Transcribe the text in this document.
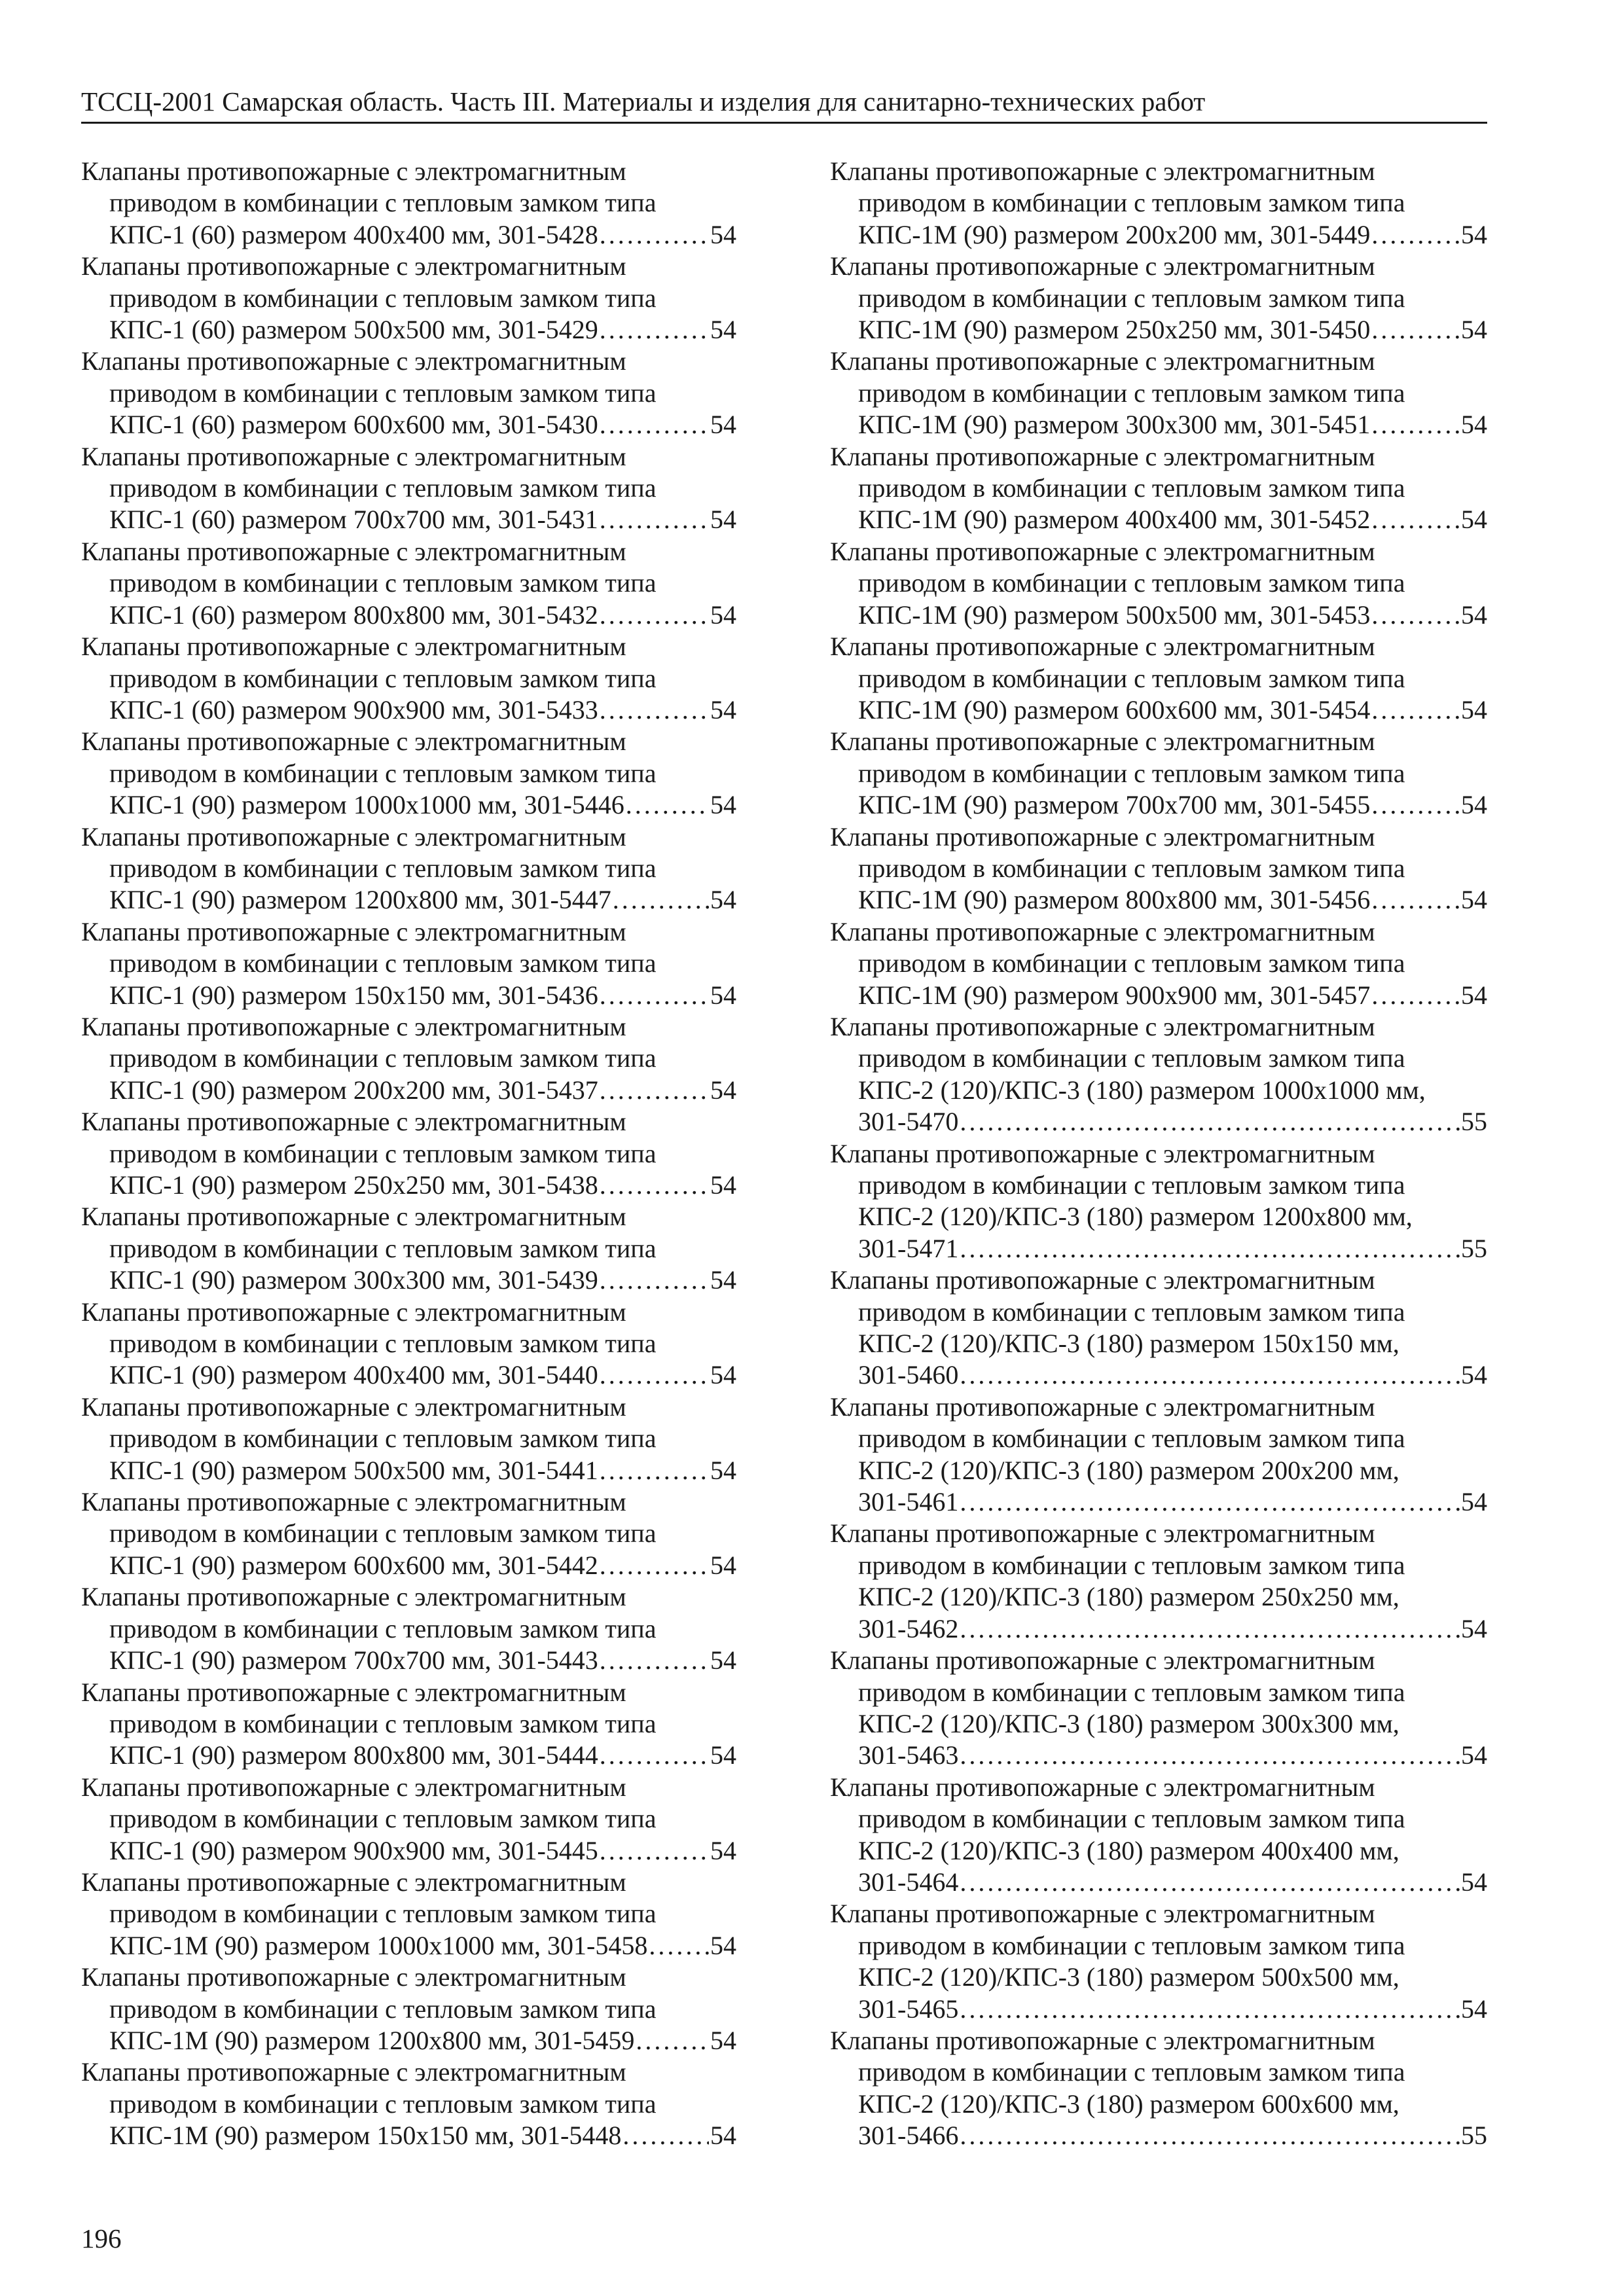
ТССЦ-2001 Самарская область. Часть III. Материалы и изделия для санитарно-технических работ
Клапаны противопожарные с электромагнитным
приводом в комбинации с тепловым замком типа
КПС-1 (60) размером 400х400 мм, 301-5428 . . .	54
Клапаны противопожарные с электромагнитным
приводом в комбинации с тепловым замком типа
КПС-1 (60) размером 500х500 мм, 301-5429 . . .	54
Клапаны противопожарные с электромагнитным
приводом в комбинации с тепловым замком типа
КПС-1 (60) размером 600х600 мм, 301-5430 . . .	54
Клапаны противопожарные с электромагнитным
приводом в комбинации с тепловым замком типа
КПС-1 (60) размером 700х700 мм, 301-5431 . . .	54
Клапаны противопожарные с электромагнитным
приводом в комбинации с тепловым замком типа
КПС-1 (60) размером 800х800 мм, 301-5432 . . .	54
Клапаны противопожарные с электромагнитным
приводом в комбинации с тепловым замком типа
КПС-1 (60) размером 900х900 мм, 301-5433 . . .	54
Клапаны противопожарные с электромагнитным
приводом в комбинации с тепловым замком типа
КПС-1 (90) размером 1000х1000 мм, 301-5446 . . .	54
Клапаны противопожарные с электромагнитным
приводом в комбинации с тепловым замком типа
КПС-1 (90) размером 1200х800 мм, 301-5447 . . .	54
Клапаны противопожарные с электромагнитным
приводом в комбинации с тепловым замком типа
КПС-1 (90) размером 150х150 мм, 301-5436 . . .	54
Клапаны противопожарные с электромагнитным
приводом в комбинации с тепловым замком типа
КПС-1 (90) размером 200х200 мм, 301-5437 . . .	54
Клапаны противопожарные с электромагнитным
приводом в комбинации с тепловым замком типа
КПС-1 (90) размером 250х250 мм, 301-5438 . . .	54
Клапаны противопожарные с электромагнитным
приводом в комбинации с тепловым замком типа
КПС-1 (90) размером 300х300 мм, 301-5439 . . .	54
Клапаны противопожарные с электромагнитным
приводом в комбинации с тепловым замком типа
КПС-1 (90) размером 400х400 мм, 301-5440 . . .	54
Клапаны противопожарные с электромагнитным
приводом в комбинации с тепловым замком типа
КПС-1 (90) размером 500х500 мм, 301-5441 . . .	54
Клапаны противопожарные с электромагнитным
приводом в комбинации с тепловым замком типа
КПС-1 (90) размером 600х600 мм, 301-5442 . . .	54
Клапаны противопожарные с электромагнитным
приводом в комбинации с тепловым замком типа
КПС-1 (90) размером 700х700 мм, 301-5443 . . .	54
Клапаны противопожарные с электромагнитным
приводом в комбинации с тепловым замком типа
КПС-1 (90) размером 800х800 мм, 301-5444 . . .	54
Клапаны противопожарные с электромагнитным
приводом в комбинации с тепловым замком типа
КПС-1 (90) размером 900х900 мм, 301-5445 . . .	54
Клапаны противопожарные с электромагнитным
приводом в комбинации с тепловым замком типа
КПС-1М (90) размером 1000х1000 мм, 301-5458 . . . 54
Клапаны противопожарные с электромагнитным
приводом в комбинации с тепловым замком типа
КПС-1М (90) размером 1200х800 мм, 301-5459 . . .	54
Клапаны противопожарные с электромагнитным
приводом в комбинации с тепловым замком типа
КПС-1М (90) размером 150х150 мм, 301-5448 . . .	54
Клапаны противопожарные с электромагнитным
приводом в комбинации с тепловым замком типа
КПС-1М (90) размером 200х200 мм, 301-5449 . . .	54
Клапаны противопожарные с электромагнитным
приводом в комбинации с тепловым замком типа
КПС-1М (90) размером 250х250 мм, 301-5450 . . .	54
Клапаны противопожарные с электромагнитным
приводом в комбинации с тепловым замком типа
КПС-1М (90) размером 300х300 мм, 301-5451 . . .	54
Клапаны противопожарные с электромагнитным
приводом в комбинации с тепловым замком типа
КПС-1М (90) размером 400х400 мм, 301-5452 . . .	54
Клапаны противопожарные с электромагнитным
приводом в комбинации с тепловым замком типа
КПС-1М (90) размером 500х500 мм, 301-5453 . . .	54
Клапаны противопожарные с электромагнитным
приводом в комбинации с тепловым замком типа
КПС-1М (90) размером 600х600 мм, 301-5454 . . .	54
Клапаны противопожарные с электромагнитным
приводом в комбинации с тепловым замком типа
КПС-1М (90) размером 700х700 мм, 301-5455 . . .	54
Клапаны противопожарные с электромагнитным
приводом в комбинации с тепловым замком типа
КПС-1М (90) размером 800х800 мм, 301-5456 . . .	54
Клапаны противопожарные с электромагнитным
приводом в комбинации с тепловым замком типа
КПС-1М (90) размером 900х900 мм, 301-5457 . . .	54
Клапаны противопожарные с электромагнитным
приводом в комбинации с тепловым замком типа
КПС-2 (120)/КПС-3 (180) размером 1000х1000 мм,
301-5470 . . .	55
Клапаны противопожарные с электромагнитным
приводом в комбинации с тепловым замком типа
КПС-2 (120)/КПС-3 (180) размером 1200х800 мм,
301-5471 . . .	55
Клапаны противопожарные с электромагнитным
приводом в комбинации с тепловым замком типа
КПС-2 (120)/КПС-3 (180) размером 150х150 мм,
301-5460 . . .	54
Клапаны противопожарные с электромагнитным
приводом в комбинации с тепловым замком типа
КПС-2 (120)/КПС-3 (180) размером 200х200 мм,
301-5461 . . .	54
Клапаны противопожарные с электромагнитным
приводом в комбинации с тепловым замком типа
КПС-2 (120)/КПС-3 (180) размером 250х250 мм,
301-5462 . . .	54
Клапаны противопожарные с электромагнитным
приводом в комбинации с тепловым замком типа
КПС-2 (120)/КПС-3 (180) размером 300х300 мм,
301-5463 . . .	54
Клапаны противопожарные с электромагнитным
приводом в комбинации с тепловым замком типа
КПС-2 (120)/КПС-3 (180) размером 400х400 мм,
301-5464 . . .	54
Клапаны противопожарные с электромагнитным
приводом в комбинации с тепловым замком типа
КПС-2 (120)/КПС-3 (180) размером 500х500 мм,
301-5465 . . .	54
Клапаны противопожарные с электромагнитным
приводом в комбинации с тепловым замком типа
КПС-2 (120)/КПС-3 (180) размером 600х600 мм,
301-5466 . . .	55
196
